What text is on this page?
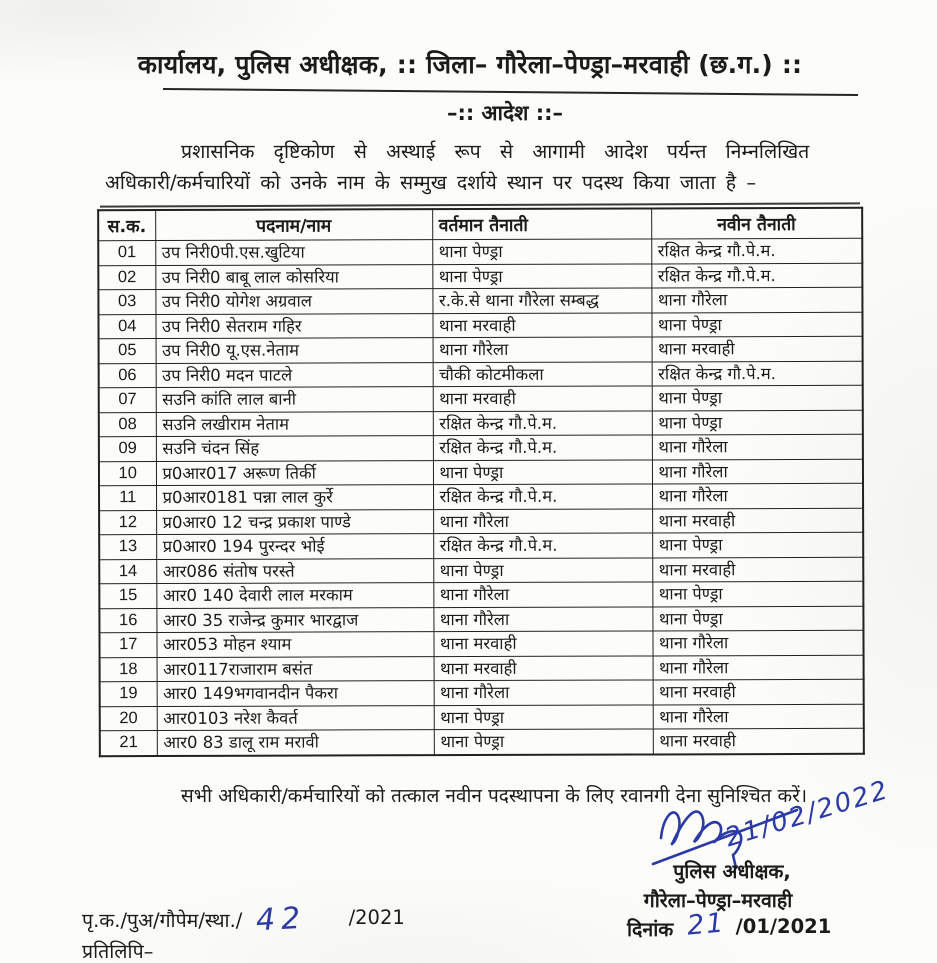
कार्यालय, पुलिस अधीक्षक, :: जिला– गौरेला–पेण्ड्रा–मरवाही (छ.ग.) ::
–:: आदेश ::–
प्रशासनिक दृष्टिकोण से अस्थाई रूप से आगामी आदेश पर्यन्त निम्नलिखित
अधिकारी/कर्मचारियों को उनके नाम के सम्मुख दर्शाये स्थान पर पदस्थ किया जाता है –
स.क.	पदनाम/नाम	वर्तमान तैनाती	नवीन तैनाती
01	उप निरी0पी.एस.खुटिया	थाना पेण्ड्रा	रक्षित केन्द्र गौ.पे.म.
02	उप निरी0 बाबू लाल कोसरिया	थाना पेण्ड्रा	रक्षित केन्द्र गौ.पे.म.
03	उप निरी0 योगेश अग्रवाल	र.के.से थाना गौरेला सम्बद्ध	थाना गौरेला
04	उप निरी0 सेतराम गहिर	थाना मरवाही	थाना पेण्ड्रा
05	उप निरी0 यू.एस.नेताम	थाना गौरेला	थाना मरवाही
06	उप निरी0 मदन पाटले	चौकी कोटमीकला	रक्षित केन्द्र गौ.पे.म.
07	सउनि कांति लाल बानी	थाना मरवाही	थाना पेण्ड्रा
08	सउनि लखीराम नेताम	रक्षित केन्द्र गौ.पे.म.	थाना पेण्ड्रा
09	सउनि चंदन सिंह	रक्षित केन्द्र गौ.पे.म.	थाना गौरेला
10	प्र0आर017 अरूण तिर्की	थाना पेण्ड्रा	थाना गौरेला
11	प्र0आर0181 पन्ना लाल कुर्रे	रक्षित केन्द्र गौ.पे.म.	थाना गौरेला
12	प्र0आर0 12 चन्द्र प्रकाश पाण्डे	थाना गौरेला	थाना मरवाही
13	प्र0आर0 194 पुरन्दर भोई	रक्षित केन्द्र गौ.पे.म.	थाना पेण्ड्रा
14	आर086 संतोष परस्ते	थाना पेण्ड्रा	थाना मरवाही
15	आर0 140 देवारी लाल मरकाम	थाना गौरेला	थाना पेण्ड्रा
16	आर0 35 राजेन्द्र कुमार भारद्वाज	थाना गौरेला	थाना पेण्ड्रा
17	आर053 मोहन श्याम	थाना मरवाही	थाना गौरेला
18	आर0117राजाराम बसंत	थाना मरवाही	थाना गौरेला
19	आर0 149भगवानदीन पैकरा	थाना गौरेला	थाना मरवाही
20	आर0103 नरेश कैवर्त	थाना पेण्ड्रा	थाना गौरेला
21	आर0 83 डालू राम मरावी	थाना पेण्ड्रा	थाना मरवाही
सभी अधिकारी/कर्मचारियों को तत्काल नवीन पदस्थापना के लिए रवानगी देना सुनिश्चित करें।
21/02/2022
पुलिस अधीक्षक,
गौरेला–पेण्ड्रा–मरवाही
दिनांक 21 /01/2021
पृ.क./पुअ/गौपेम/स्था./ 42 /2021
प्रतिलिपि–
